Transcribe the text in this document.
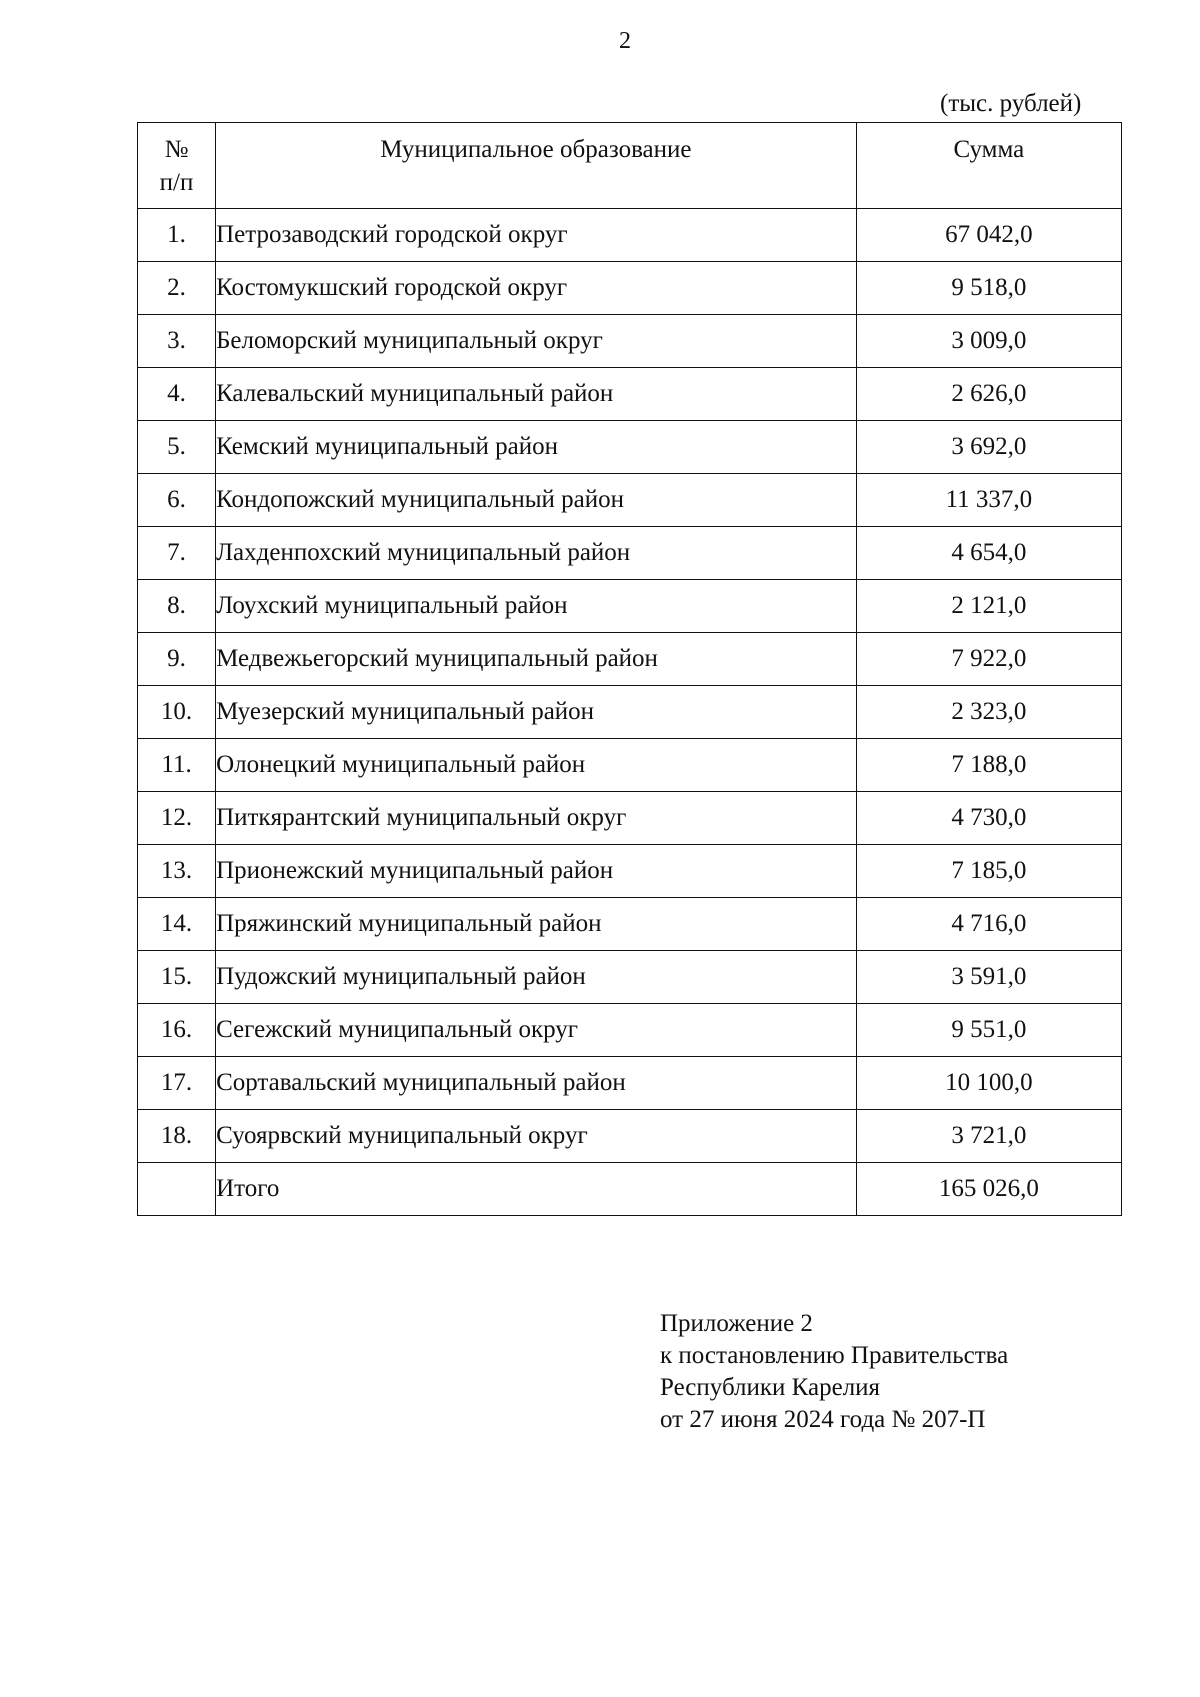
2
(тыс. рублей)
№
п/п	Муниципальное образование	Сумма
1.	Петрозаводский городской округ	67 042,0
2.	Костомукшский городской округ	9 518,0
3.	Беломорский муниципальный округ	3 009,0
4.	Калевальский муниципальный район	2 626,0
5.	Кемский муниципальный район	3 692,0
6.	Кондопожский муниципальный район	11 337,0
7.	Лахденпохский муниципальный район	4 654,0
8.	Лоухский муниципальный район	2 121,0
9.	Медвежьегорский муниципальный район	7 922,0
10.	Муезерский муниципальный район	2 323,0
11.	Олонецкий муниципальный район	7 188,0
12.	Питкярантский муниципальный округ	4 730,0
13.	Прионежский муниципальный район	7 185,0
14.	Пряжинский муниципальный район	4 716,0
15.	Пудожский муниципальный район	3 591,0
16.	Сегежский муниципальный округ	9 551,0
17.	Сортавальский муниципальный район	10 100,0
18.	Суоярвский муниципальный округ	3 721,0
	Итого	165 026,0
Приложение 2
к постановлению Правительства
Республики Карелия
от 27 июня 2024 года № 207-П
